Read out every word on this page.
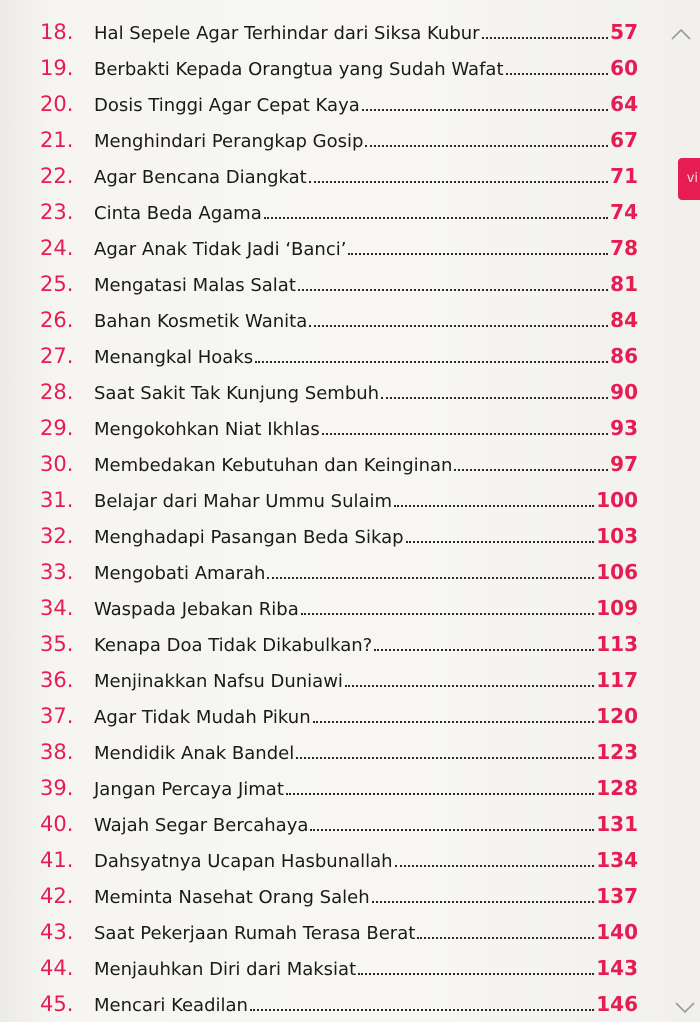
18.	Hal Sepele Agar Terhindar dari Siksa Kubur	57
19.	Berbakti Kepada Orangtua yang Sudah Wafat	60
20.	Dosis Tinggi Agar Cepat Kaya	64
21.	Menghindari Perangkap Gosip	67
22.	Agar Bencana Diangkat	71
23.	Cinta Beda Agama	74
24.	Agar Anak Tidak Jadi ‘Banci’	78
25.	Mengatasi Malas Salat	81
26.	Bahan Kosmetik Wanita	84
27.	Menangkal Hoaks	86
28.	Saat Sakit Tak Kunjung Sembuh	90
29.	Mengokohkan Niat Ikhlas	93
30.	Membedakan Kebutuhan dan Keinginan	97
31.	Belajar dari Mahar Ummu Sulaim	100
32.	Menghadapi Pasangan Beda Sikap	103
33.	Mengobati Amarah	106
34.	Waspada Jebakan Riba	109
35.	Kenapa Doa Tidak Dikabulkan?	113
36.	Menjinakkan Nafsu Duniawi	117
37.	Agar Tidak Mudah Pikun	120
38.	Mendidik Anak Bandel	123
39.	Jangan Percaya Jimat	128
40.	Wajah Segar Bercahaya	131
41.	Dahsyatnya Ucapan Hasbunallah	134
42.	Meminta Nasehat Orang Saleh	137
43.	Saat Pekerjaan Rumah Terasa Berat	140
44.	Menjauhkan Diri dari Maksiat	143
45.	Mencari Keadilan	146
vi
